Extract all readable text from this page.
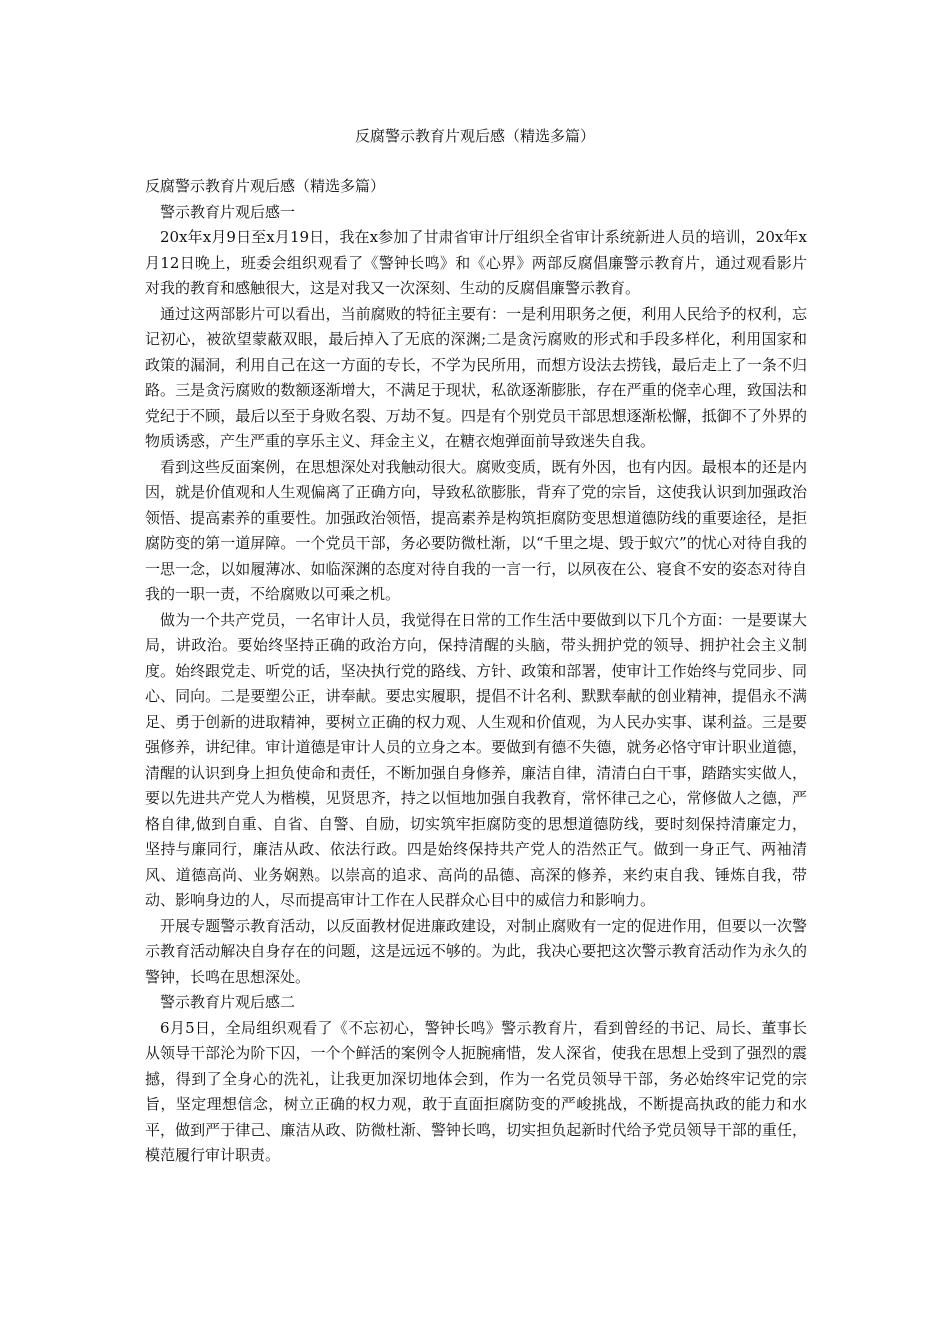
反腐警示教育片观后感（精选多篇）

反腐警示教育片观后感（精选多篇）

警示教育片观后感一

20x年x月9日至x月19日，我在x参加了甘肃省审计厅组织全省审计系统新进人员的培训，20x年x月12日晚上，班委会组织观看了《警钟长鸣》和《心界》两部反腐倡廉警示教育片，通过观看影片对我的教育和感触很大，这是对我又一次深刻、生动的反腐倡廉警示教育。

通过这两部影片可以看出，当前腐败的特征主要有：一是利用职务之便，利用人民给予的权利，忘记初心，被欲望蒙蔽双眼，最后掉入了无底的深渊;二是贪污腐败的形式和手段多样化，利用国家和政策的漏洞，利用自己在这一方面的专长，不学为民所用，而想方设法去捞钱，最后走上了一条不归路。三是贪污腐败的数额逐渐增大，不满足于现状，私欲逐渐膨胀，存在严重的侥幸心理，致国法和党纪于不顾，最后以至于身败名裂、万劫不复。四是有个别党员干部思想逐渐松懈，抵御不了外界的物质诱惑，产生严重的享乐主义、拜金主义，在糖衣炮弹面前导致迷失自我。

看到这些反面案例，在思想深处对我触动很大。腐败变质，既有外因，也有内因。最根本的还是内因，就是价值观和人生观偏离了正确方向，导致私欲膨胀，背弃了党的宗旨，这使我认识到加强政治领悟、提高素养的重要性。加强政治领悟，提高素养是构筑拒腐防变思想道德防线的重要途径，是拒腐防变的第一道屏障。一个党员干部，务必要防微杜渐，以“千里之堤、毁于蚁穴”的忧心对待自我的一思一念，以如履薄冰、如临深渊的态度对待自我的一言一行，以夙夜在公、寝食不安的姿态对待自我的一职一责，不给腐败以可乘之机。

做为一个共产党员，一名审计人员，我觉得在日常的工作生活中要做到以下几个方面：一是要谋大局，讲政治。要始终坚持正确的政治方向，保持清醒的头脑，带头拥护党的领导、拥护社会主义制度。始终跟党走、听党的话，坚决执行党的路线、方针、政策和部署，使审计工作始终与党同步、同心、同向。二是要塑公正，讲奉献。要忠实履职，提倡不计名利、默默奉献的创业精神，提倡永不满足、勇于创新的进取精神，要树立正确的权力观、人生观和价值观，为人民办实事、谋利益。三是要强修养，讲纪律。审计道德是审计人员的立身之本。要做到有德不失德，就务必恪守审计职业道德，清醒的认识到身上担负使命和责任，不断加强自身修养，廉洁自律，清清白白干事，踏踏实实做人，要以先进共产党人为楷模，见贤思齐，持之以恒地加强自我教育，常怀律己之心，常修做人之德，严格自律,做到自重、自省、自警、自励，切实筑牢拒腐防变的思想道德防线，要时刻保持清廉定力，坚持与廉同行，廉洁从政、依法行政。四是始终保持共产党人的浩然正气。做到一身正气、两袖清风、道德高尚、业务娴熟。以崇高的追求、高尚的品德、高深的修养，来约束自我、锤炼自我，带动、影响身边的人，尽而提高审计工作在人民群众心目中的威信力和影响力。

开展专题警示教育活动，以反面教材促进廉政建设，对制止腐败有一定的促进作用，但要以一次警示教育活动解决自身存在的问题，这是远远不够的。为此，我决心要把这次警示教育活动作为永久的警钟，长鸣在思想深处。

警示教育片观后感二

6月5日，全局组织观看了《不忘初心，警钟长鸣》警示教育片，看到曾经的书记、局长、董事长从领导干部沦为阶下囚，一个个鲜活的案例令人扼腕痛惜，发人深省，使我在思想上受到了强烈的震撼，得到了全身心的洗礼，让我更加深切地体会到，作为一名党员领导干部，务必始终牢记党的宗旨，坚定理想信念，树立正确的权力观，敢于直面拒腐防变的严峻挑战，不断提高执政的能力和水平，做到严于律己、廉洁从政、防微杜渐、警钟长鸣，切实担负起新时代给予党员领导干部的重任，模范履行审计职责。
